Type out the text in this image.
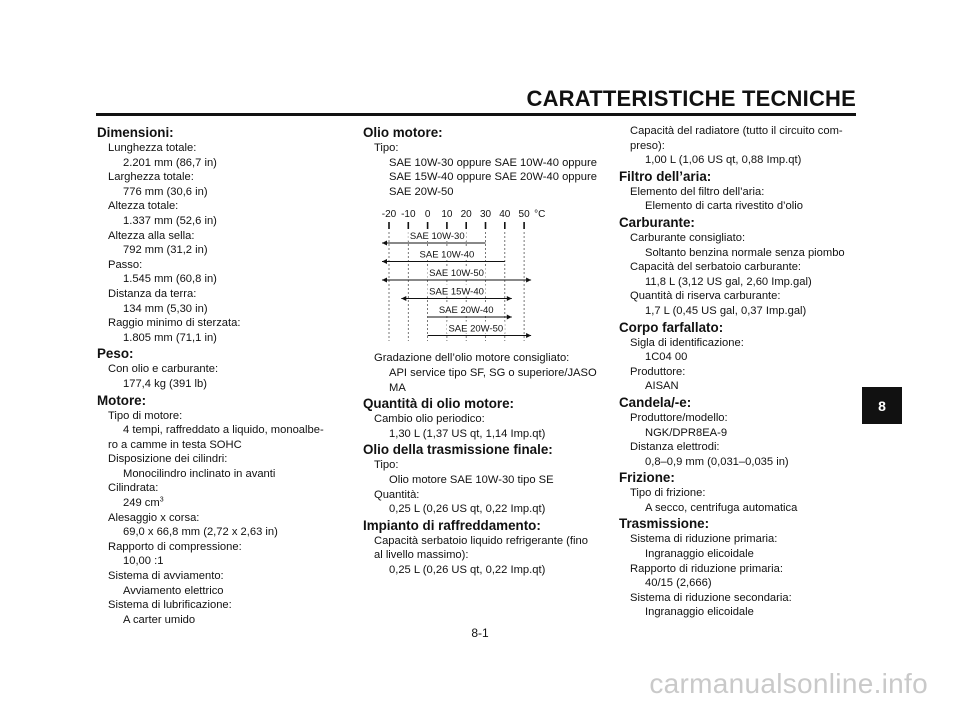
CARATTERISTICHE TECNICHE
Dimensioni:
Lunghezza totale:
2.201 mm (86,7 in)
Larghezza totale:
776 mm (30,6 in)
Altezza totale:
1.337 mm (52,6 in)
Altezza alla sella:
792 mm (31,2 in)
Passo:
1.545 mm (60,8 in)
Distanza da terra:
134 mm (5,30 in)
Raggio minimo di sterzata:
1.805 mm (71,1 in)
Peso:
Con olio e carburante:
177,4 kg (391 lb)
Motore:
Tipo di motore:
4 tempi, raffreddato a liquido, monoalbe-
ro a camme in testa SOHC
Disposizione dei cilindri:
Monocilindro inclinato in avanti
Cilindrata:
249 $cm^3$
Alesaggio x corsa:
69,0 x 66,8 mm (2,72 x 2,63 in)
Rapporto di compressione:
10,00 :1
Sistema di avviamento:
Avviamento elettrico
Sistema di lubrificazione:
A carter umido
Olio motore:
Tipo:
SAE 10W-30 oppure SAE 10W-40 oppure
SAE 15W-40 oppure SAE 20W-40 oppure
SAE 20W-50
-20 -10 0 10 20 30 40 50 °C
SAE 10W-30
SAE 10W-40
SAE 10W-50
SAE 15W-40
SAE 20W-40
SAE 20W-50
Gradazione dell’olio motore consigliato:
API service tipo SF, SG o superiore/JASO
MA
Quantità di olio motore:
Cambio olio periodico:
1,30 L (1,37 US qt, 1,14 Imp.qt)
Olio della trasmissione finale:
Tipo:
Olio motore SAE 10W-30 tipo SE
Quantità:
0,25 L (0,26 US qt, 0,22 Imp.qt)
Impianto di raffreddamento:
Capacità serbatoio liquido refrigerante (fino
al livello massimo):
0,25 L (0,26 US qt, 0,22 Imp.qt)
Capacità del radiatore (tutto il circuito com-
preso):
1,00 L (1,06 US qt, 0,88 Imp.qt)
Filtro dell’aria:
Elemento del filtro dell’aria:
Elemento di carta rivestito d’olio
Carburante:
Carburante consigliato:
Soltanto benzina normale senza piombo
Capacità del serbatoio carburante:
11,8 L (3,12 US gal, 2,60 Imp.gal)
Quantità di riserva carburante:
1,7 L (0,45 US gal, 0,37 Imp.gal)
Corpo farfallato:
Sigla di identificazione:
1C04 00
Produttore:
AISAN
Candela/-e:
Produttore/modello:
NGK/DPR8EA-9
Distanza elettrodi:
0,8–0,9 mm (0,031–0,035 in)
Frizione:
Tipo di frizione:
A secco, centrifuga automatica
Trasmissione:
Sistema di riduzione primaria:
Ingranaggio elicoidale
Rapporto di riduzione primaria:
40/15 (2,666)
Sistema di riduzione secondaria:
Ingranaggio elicoidale
8
8-1
carmanualsonline.info
